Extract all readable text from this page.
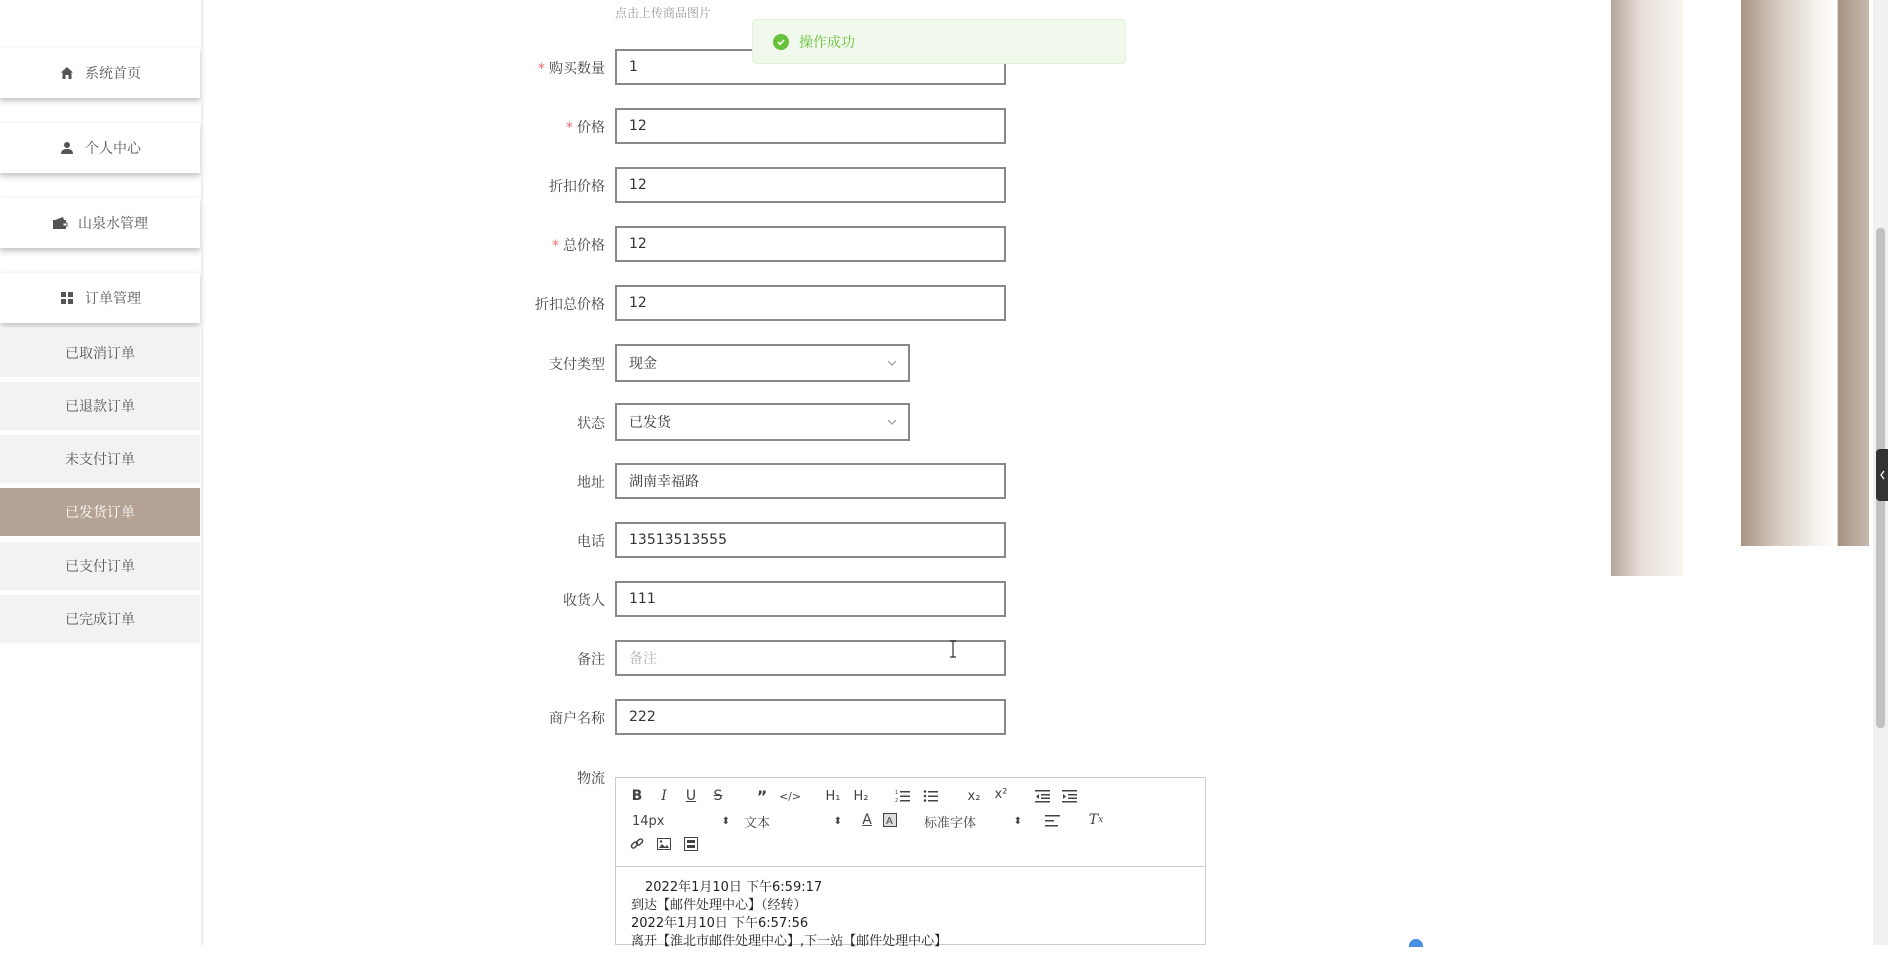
系统首页
个人中心
山泉水管理
订单管理
已取消订单
已退款订单
未支付订单
已发货订单
已支付订单
已完成订单
点击上传商品图片
* 购买数量 1
* 价格 12
折扣价格 12
* 总价格 12
折扣总价格 12
支付类型 现金
状态 已发货
地址 湖南幸福路
电话 13513513555
收货人 111
备注 备注
商户名称 222
物流
B	I	U S ” </> H₁ H₂	1
2	x₂ x²
14px	⬍ 文本	⬍ A	A 标准字体	⬍	T x
2022年1月10日 下午6:59:17
到达【邮件处理中心】（经转）
2022年1月10日 下午6:57:56
离开【淮北市邮件处理中心】,下一站【邮件处理中心】
操作成功
